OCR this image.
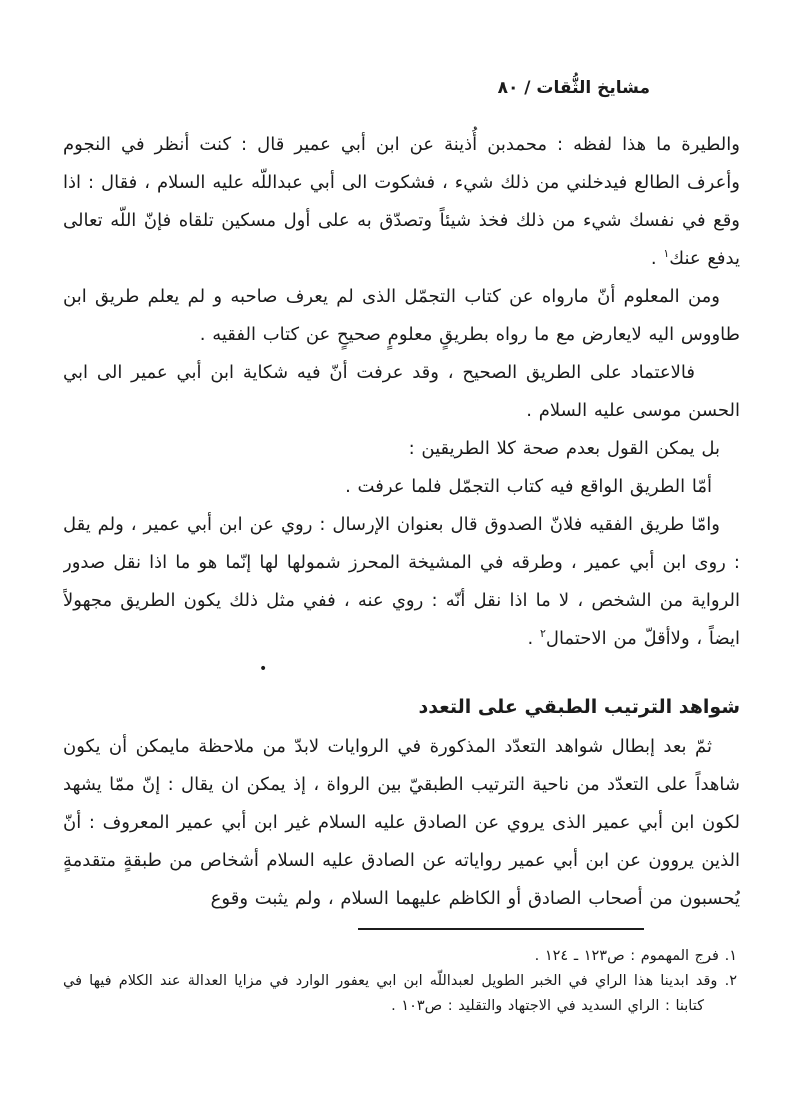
مشايخ الثُّقات / ٨٠

والطيرة ما هذا لفظه : محمدبن أُذينة عن ابن أبي عمير قال : كنت أنظر في النجوم وأعرف الطالع فيدخلني من ذلك شيء ، فشكوت الى أبي عبداللّه عليه السلام ، فقال : اذا وقع في نفسك شيء من ذلك فخذ شيئاً وتصدّق به على أول مسكين تلقاه فإنّ اللّه تعالى يدفع عنك$^١$ .

ومن المعلوم أنّ مارواه عن كتاب التجمّل الذى لم يعرف صاحبه و لم يعلم طريق ابن طاووس اليه لايعارض مع ما رواه بطريقٍ معلومٍ صحيحٍ عن كتاب الفقيه .

فالاعتماد على الطريق الصحيح ، وقد عرفت أنّ فيه شكاية ابن أبي عمير الى ابي الحسن موسى عليه السلام .

بل يمكن القول بعدم صحة كلا الطريقين :

أمّا الطريق الواقع فيه كتاب التجمّل فلما عرفت .

وامّا طريق الفقيه فلانّ الصدوق قال بعنوان الإرسال : روي عن ابن أبي عمير ، ولم يقل : روى ابن أبي عمير ، وطرقه في المشيخة المحرز شمولها لها إنّما هو ما اذا نقل صدور الرواية من الشخص ، لا ما اذا نقل أنّه : روي عنه ، ففي مثل ذلك يكون الطريق مجهولاً ايضاً ، ولاأقلّ من الاحتمال$^٢$ .

•
شواهد الترتيب الطبقي على التعدد

ثمّ بعد إبطال شواهد التعدّد المذكورة في الروايات لابدّ من ملاحظة مايمكن أن يكون شاهداً على التعدّد من ناحية الترتيب الطبقيّ بين الرواة ، إذ يمكن ان يقال : إنّ ممّا يشهد لكون ابن أبي عمير الذى يروي عن الصادق عليه السلام غير ابن أبي عمير المعروف : أنّ الذين يروون عن ابن أبي عمير رواياته عن الصادق عليه السلام أشخاص من طبقةٍ متقدمةٍ يُحسبون من أصحاب الصادق أو الكاظم عليهما السلام ، ولم يثبت وقوع

١. فرج المهموم : ص١٢٣ ـ ١٢٤ .

٢. وقد ابدينا هذا الراي في الخبر الطويل لعبداللّه ابن ابي يعفور الوارد في مزايا العدالة عند الكلام فيها في كتابنا : الراي السديد في الاجتهاد والتقليد : ص١٠٣ .
